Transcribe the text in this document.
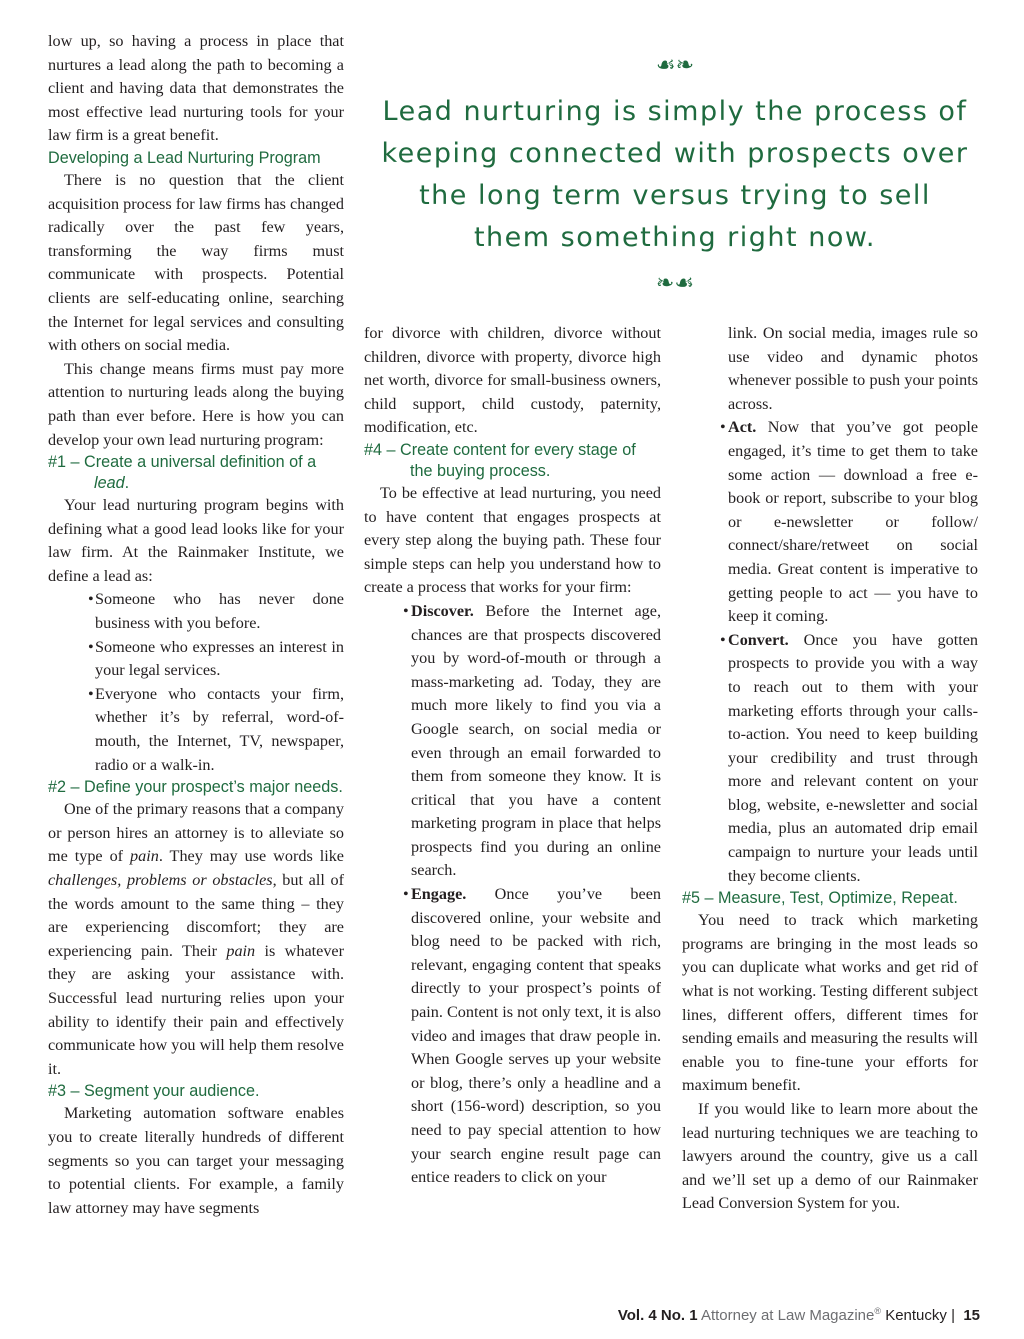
low up, so having a process in place that nurtures a lead along the path to becoming a client and having data that demonstrates the most effective lead nurturing tools for your law firm is a great benefit.

Developing a Lead Nurturing Program

There is no question that the client acquisition process for law firms has changed radically over the past few years, transforming the way firms must communicate with prospects. Potential clients are self-educating online, searching the Internet for legal services and consulting with others on social media.

This change means firms must pay more attention to nurturing leads along the buying path than ever before. Here is how you can develop your own lead nurturing program:

#1 – Create a universal definition of a lead.

Your lead nurturing program begins with defining what a good lead looks like for your law firm. At the Rainmaker Institute, we define a lead as:

• Someone who has never done business with you before.
• Someone who expresses an interest in your legal services.
• Everyone who contacts your firm, whether it’s by referral, word-of-mouth, the Internet, TV, newspaper, radio or a walk-in.
#2 – Define your prospect’s major needs.

One of the primary reasons that a company or person hires an attorney is to alleviate so me type of pain. They may use words like challenges, problems or obstacles, but all of the words amount to the same thing – they are experiencing discomfort; they are experiencing pain. Their pain is whatever they are asking your assistance with. Successful lead nurturing relies upon your ability to identify their pain and effectively communicate how you will help them resolve it.

#3 – Segment your audience.

Marketing automation software enables you to create literally hundreds of different segments so you can target your messaging to potential clients. For example, a family law attorney may have segments

☙❧
Lead nurturing is simply the process of keeping connected with prospects over the long term versus trying to sell them something right now.
❧☙

for divorce with children, divorce without children, divorce with property, divorce high net worth, divorce for small-business owners, child support, child custody, paternity, modification, etc.

#4 – Create content for every stage of the buying process.

To be effective at lead nurturing, you need to have content that engages prospects at every step along the buying path. These four simple steps can help you understand how to create a process that works for your firm:

• Discover. Before the Internet age, chances are that prospects discovered you by word-of-mouth or through a mass-marketing ad. Today, they are much more likely to find you via a Google search, on social media or even through an email forwarded to them from someone they know. It is critical that you have a content marketing program in place that helps prospects find you during an online search.
• Engage. Once you’ve been discovered online, your website and blog need to be packed with rich, relevant, engaging content that speaks directly to your prospect’s points of pain. Content is not only text, it is also video and images that draw people in. When Google serves up your website or blog, there’s only a headline and a short (156-word) description, so you need to pay special attention to how your search engine result page can entice readers to click on your
link. On social media, images rule so use video and dynamic photos whenever possible to push your points across.
• Act. Now that you’ve got people engaged, it’s time to get them to take some action — download a free e-book or report, subscribe to your blog or e-newsletter or follow/ connect/share/retweet on social media. Great content is imperative to getting people to act — you have to keep it coming.
• Convert. Once you have gotten prospects to provide you with a way to reach out to them with your marketing efforts through your calls-to-action. You need to keep building your credibility and trust through more and relevant content on your blog, website, e-newsletter and social media, plus an automated drip email campaign to nurture your leads until they become clients.
#5 – Measure, Test, Optimize, Repeat.

You need to track which marketing programs are bringing in the most leads so you can duplicate what works and get rid of what is not working. Testing different subject lines, different offers, different times for sending emails and measuring the results will enable you to fine-tune your efforts for maximum benefit.

If you would like to learn more about the lead nurturing techniques we are teaching to lawyers around the country, give us a call and we’ll set up a demo of our Rainmaker Lead Conversion System for you.

Vol. 4 No. 1 Attorney at Law Magazine® Kentucky | 15
